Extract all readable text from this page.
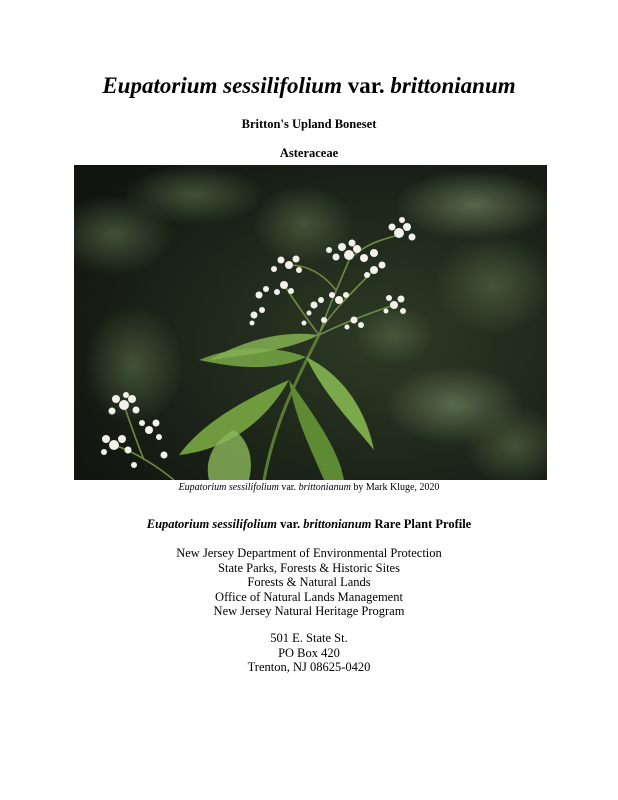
Eupatorium sessilifolium var. brittonianum
Britton's Upland Boneset
Asteraceae
Eupatorium sessilifolium var. brittonianum by Mark Kluge, 2020
Eupatorium sessilifolium var. brittonianum Rare Plant Profile
New Jersey Department of Environmental Protection
State Parks, Forests & Historic Sites
Forests & Natural Lands
Office of Natural Lands Management
New Jersey Natural Heritage Program
501 E. State St.
PO Box 420
Trenton, NJ 08625-0420
